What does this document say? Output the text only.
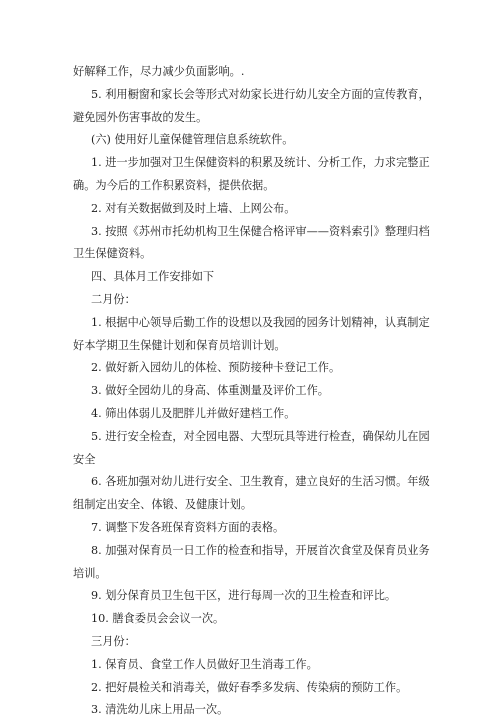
好解释工作，尽力减少负面影响。.

5. 利用橱窗和家长会等形式对幼家长进行幼儿安全方面的宣传教育，避免园外伤害事故的发生。

(六) 使用好儿童保健管理信息系统软件。

1. 进一步加强对卫生保健资料的积累及统计、分析工作，力求完整正确。为今后的工作积累资料，提供依据。

2. 对有关数据做到及时上墙、上网公布。

3. 按照《苏州市托幼机构卫生保健合格评审——资料索引》整理归档卫生保健资料。

四、具体月工作安排如下

二月份：

1. 根据中心领导后勤工作的设想以及我园的园务计划精神，认真制定好本学期卫生保健计划和保育员培训计划。

2. 做好新入园幼儿的体检、预防接种卡登记工作。

3. 做好全园幼儿的身高、体重测量及评价工作。

4. 筛出体弱儿及肥胖儿并做好建档工作。

5. 进行安全检查，对全园电器、大型玩具等进行检查，确保幼儿在园安全

6. 各班加强对幼儿进行安全、卫生教育，建立良好的生活习惯。年级组制定出安全、体锻、及健康计划。

7. 调整下发各班保育资料方面的表格。

8. 加强对保育员一日工作的检查和指导，开展首次食堂及保育员业务培训。

9. 划分保育员卫生包干区，进行每周一次的卫生检查和评比。

10. 膳食委员会会议一次。

三月份：

1. 保育员、食堂工作人员做好卫生消毒工作。

2. 把好晨检关和消毒关，做好春季多发病、传染病的预防工作。

3. 清洗幼儿床上用品一次。
